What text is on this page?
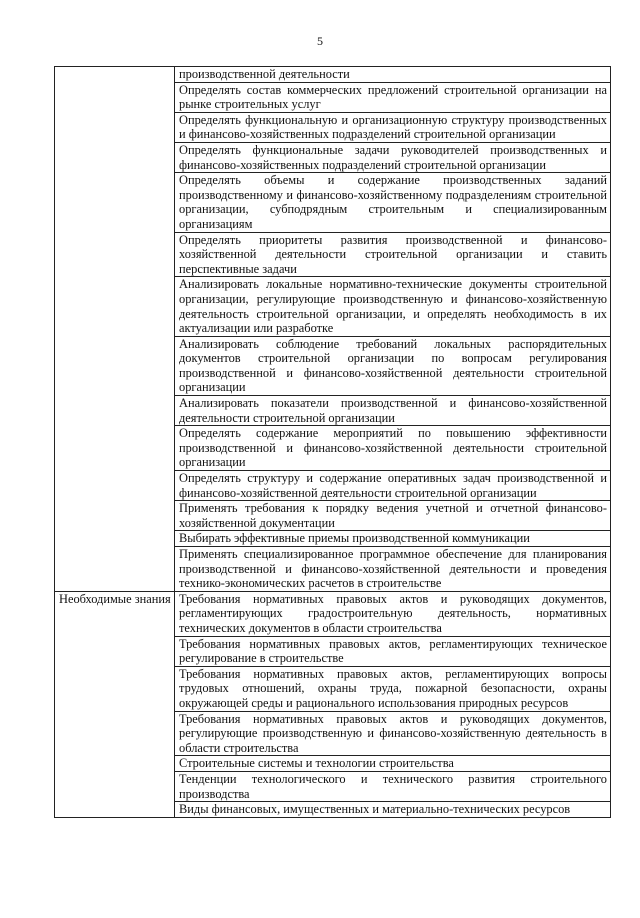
5
	производственной деятельности
	Определять состав коммерческих предложений строительной организации на рынке строительных услуг
	Определять функциональную и организационную структуру производственных и финансово-хозяйственных подразделений строительной организации
	Определять функциональные задачи руководителей производственных и финансово-хозяйственных подразделений строительной организации
	Определять объемы и содержание производственных заданий производственному и финансово-хозяйственному подразделениям строительной организации, субподрядным строительным и специализированным организациям
	Определять приоритеты развития производственной и финансово-хозяйственной деятельности строительной организации и ставить перспективные задачи
	Анализировать локальные нормативно-технические документы строительной организации, регулирующие производственную и финансово-хозяйственную деятельность строительной организации, и определять необходимость в их актуализации или разработке
	Анализировать соблюдение требований локальных распорядительных документов строительной организации по вопросам регулирования производственной и финансово-хозяйственной деятельности строительной организации
	Анализировать показатели производственной и финансово-хозяйственной деятельности строительной организации
	Определять содержание мероприятий по повышению эффективности производственной и финансово-хозяйственной деятельности строительной организации
	Определять структуру и содержание оперативных задач производственной и финансово-хозяйственной деятельности строительной организации
	Применять требования к порядку ведения учетной и отчетной финансово-хозяйственной документации
	Выбирать эффективные приемы производственной коммуникации
	Применять специализированное программное обеспечение для планирования производственной и финансово-хозяйственной деятельности и проведения технико-экономических расчетов в строительстве
Необходимые знания	Требования нормативных правовых актов и руководящих документов, регламентирующих градостроительную деятельность, нормативных технических документов в области строительства
	Требования нормативных правовых актов, регламентирующих техническое регулирование в строительстве
	Требования нормативных правовых актов, регламентирующих вопросы трудовых отношений, охраны труда, пожарной безопасности, охраны окружающей среды и рационального использования природных ресурсов
	Требования нормативных правовых актов и руководящих документов, регулирующие производственную и финансово-хозяйственную деятельность в области строительства
	Строительные системы и технологии строительства
	Тенденции технологического и технического развития строительного производства
	Виды финансовых, имущественных и материально-технических ресурсов
